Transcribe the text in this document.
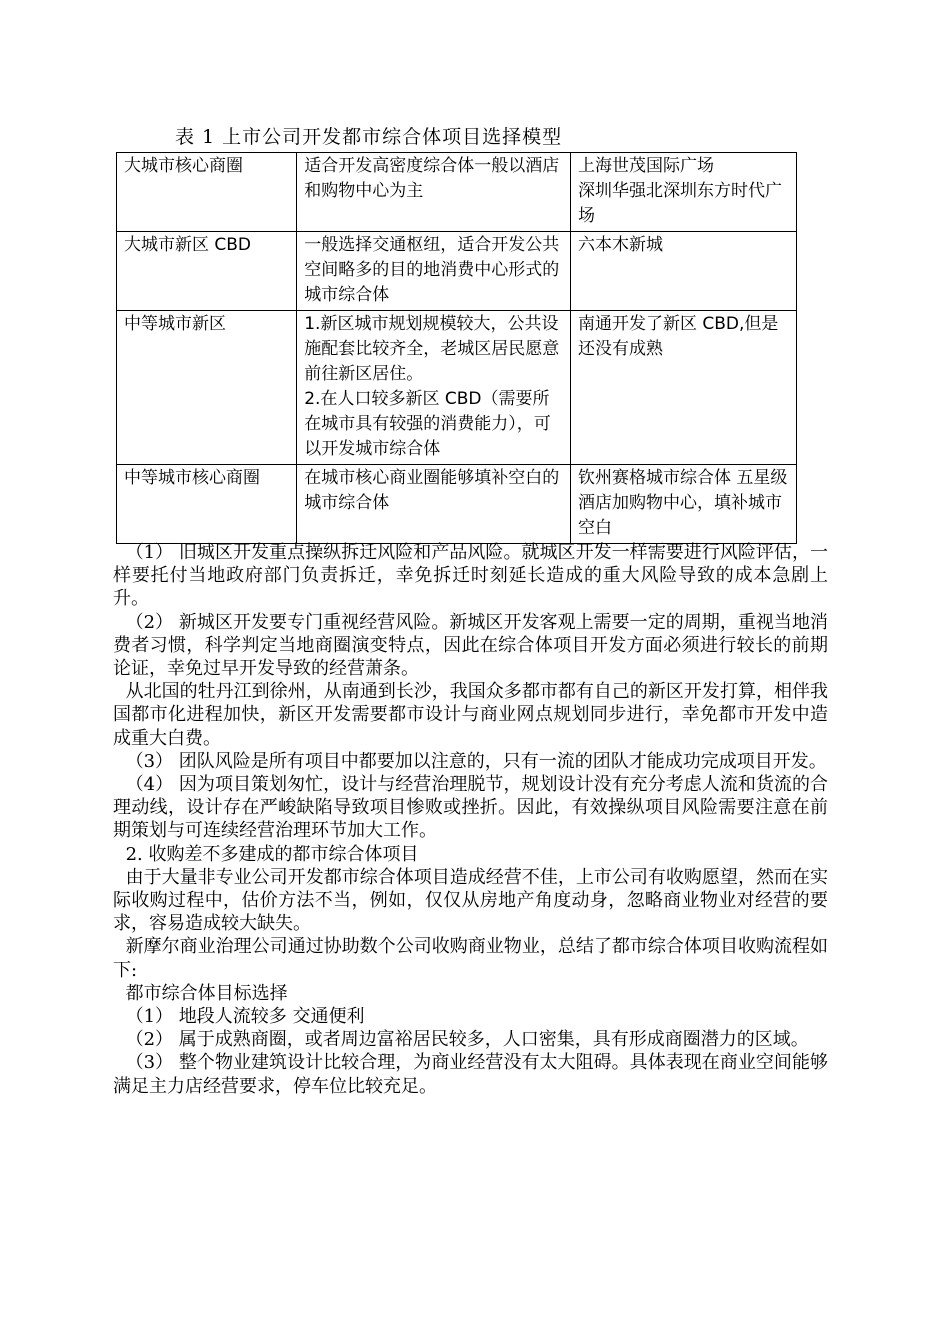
表 1 上市公司开发都市综合体项目选择模型
大城市核心商圈	适合开发高密度综合体一般以酒店和购物中心为主	上海世茂国际广场
深圳华强北深圳东方时代广场
大城市新区 CBD	一般选择交通枢纽，适合开发公共空间略多的目的地消费中心形式的城市综合体	六本木新城
中等城市新区	1.新区城市规划规模较大，公共设施配套比较齐全，老城区居民愿意前往新区居住。
2.在人口较多新区 CBD（需要所在城市具有较强的消费能力），可以开发城市综合体	南通开发了新区 CBD,但是还没有成熟
中等城市核心商圈	在城市核心商业圈能够填补空白的城市综合体	钦州赛格城市综合体 五星级酒店加购物中心，填补城市空白

（1） 旧城区开发重点操纵拆迁风险和产品风险。就城区开发一样需要进行风险评估，一样要托付当地政府部门负责拆迁，幸免拆迁时刻延长造成的重大风险导致的成本急剧上升。

（2） 新城区开发要专门重视经营风险。新城区开发客观上需要一定的周期，重视当地消费者习惯，科学判定当地商圈演变特点，因此在综合体项目开发方面必须进行较长的前期论证，幸免过早开发导致的经营萧条。

从北国的牡丹江到徐州，从南通到长沙，我国众多都市都有自己的新区开发打算，相伴我国都市化进程加快，新区开发需要都市设计与商业网点规划同步进行，幸免都市开发中造成重大白费。

（3） 团队风险是所有项目中都要加以注意的，只有一流的团队才能成功完成项目开发。

（4） 因为项目策划匆忙，设计与经营治理脱节，规划设计没有充分考虑人流和货流的合理动线，设计存在严峻缺陷导致项目惨败或挫折。因此，有效操纵项目风险需要注意在前期策划与可连续经营治理环节加大工作。

2. 收购差不多建成的都市综合体项目

由于大量非专业公司开发都市综合体项目造成经营不佳，上市公司有收购愿望，然而在实际收购过程中，估价方法不当，例如，仅仅从房地产角度动身，忽略商业物业对经营的要求，容易造成较大缺失。

新摩尔商业治理公司通过协助数个公司收购商业物业，总结了都市综合体项目收购流程如下:

都市综合体目标选择

（1） 地段人流较多 交通便利

（2） 属于成熟商圈，或者周边富裕居民较多，人口密集，具有形成商圈潜力的区域。

（3） 整个物业建筑设计比较合理，为商业经营没有太大阻碍。具体表现在商业空间能够满足主力店经营要求，停车位比较充足。
